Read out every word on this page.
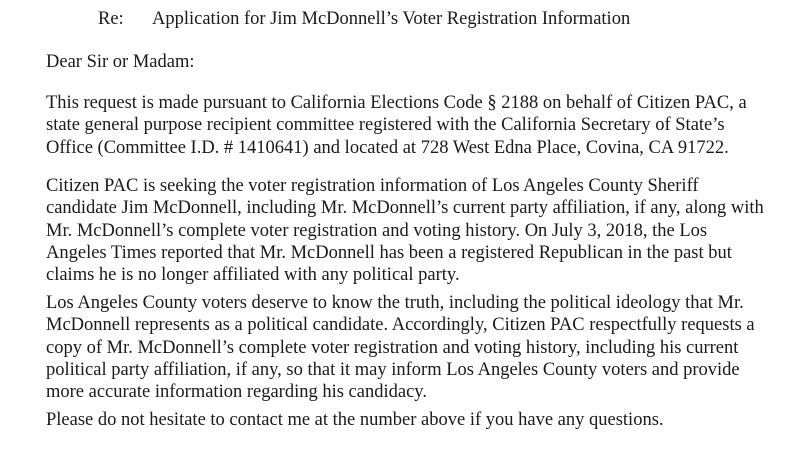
Re: Application for Jim McDonnell’s Voter Registration Information
Dear Sir or Madam:
This request is made pursuant to California Elections Code § 2188 on behalf of Citizen PAC, a
state general purpose recipient committee registered with the California Secretary of State’s
Office (Committee I.D. # 1410641) and located at 728 West Edna Place, Covina, CA 91722.
Citizen PAC is seeking the voter registration information of Los Angeles County Sheriff
candidate Jim McDonnell, including Mr. McDonnell’s current party affiliation, if any, along with
Mr. McDonnell’s complete voter registration and voting history. On July 3, 2018, the Los
Angeles Times reported that Mr. McDonnell has been a registered Republican in the past but
claims he is no longer affiliated with any political party.
Los Angeles County voters deserve to know the truth, including the political ideology that Mr.
McDonnell represents as a political candidate. Accordingly, Citizen PAC respectfully requests a
copy of Mr. McDonnell’s complete voter registration and voting history, including his current
political party affiliation, if any, so that it may inform Los Angeles County voters and provide
more accurate information regarding his candidacy.
Please do not hesitate to contact me at the number above if you have any questions.
